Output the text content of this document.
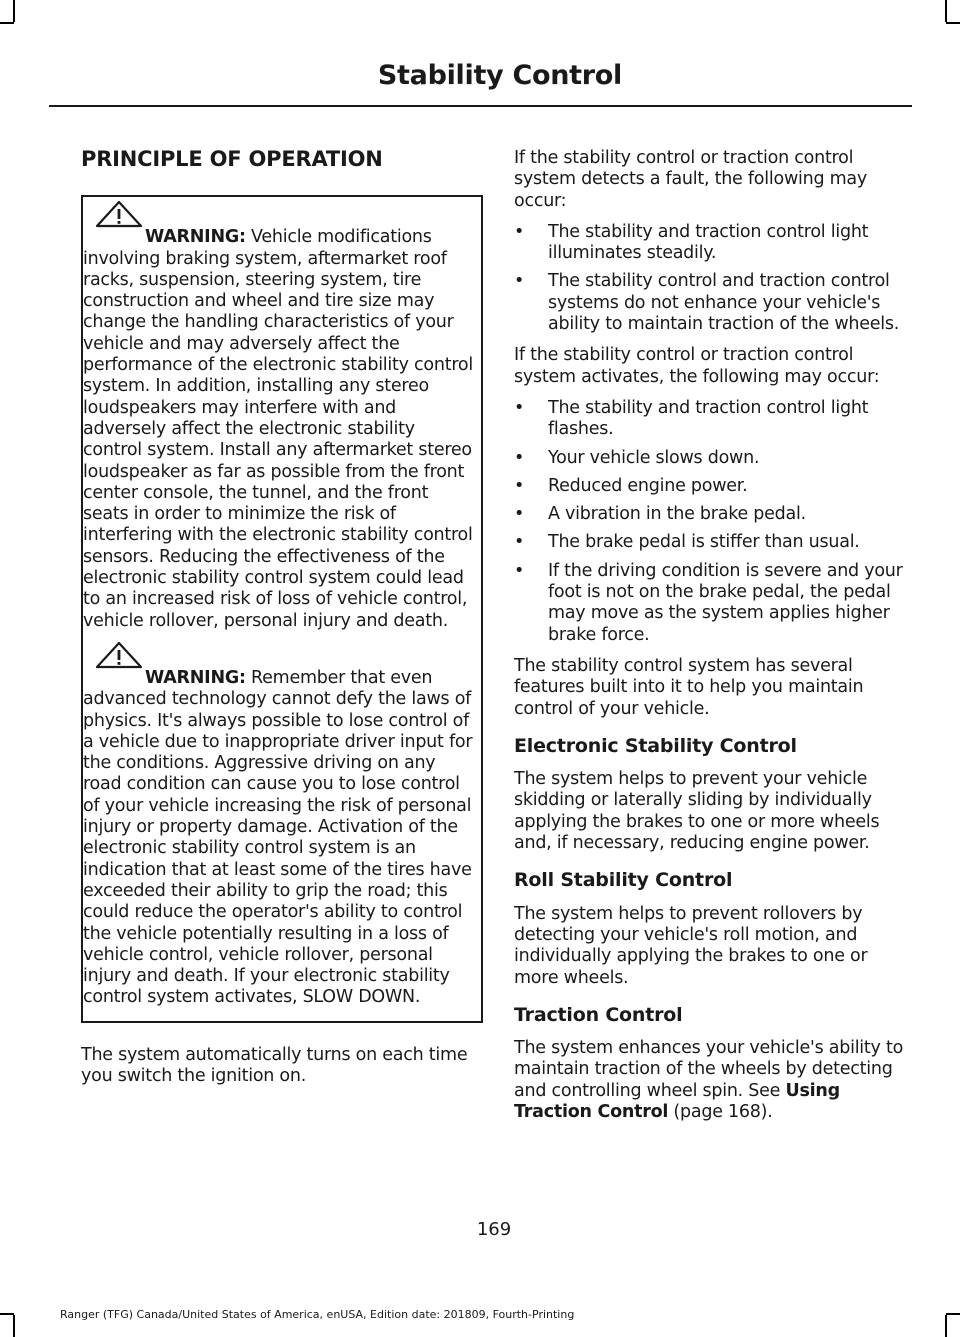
Stability Control
PRINCIPLE OF OPERATION

WARNING: Vehicle modifications involving braking system, aftermarket roof racks, suspension, steering system, tire construction and wheel and tire size may change the handling characteristics of your vehicle and may adversely affect the performance of the electronic stability control system. In addition, installing any stereo loudspeakers may interfere with and adversely affect the electronic stability control system. Install any aftermarket stereo loudspeaker as far as possible from the front center console, the tunnel, and the front seats in order to minimize the risk of interfering with the electronic stability control sensors. Reducing the effectiveness of the electronic stability control system could lead to an increased risk of loss of vehicle control, vehicle rollover, personal injury and death.

WARNING: Remember that even advanced technology cannot defy the laws of physics. It's always possible to lose control of a vehicle due to inappropriate driver input for the conditions. Aggressive driving on any road condition can cause you to lose control of your vehicle increasing the risk of personal injury or property damage. Activation of the electronic stability control system is an indication that at least some of the tires have exceeded their ability to grip the road; this could reduce the operator's ability to control the vehicle potentially resulting in a loss of vehicle control, vehicle rollover, personal injury and death. If your electronic stability control system activates, SLOW DOWN.

The system automatically turns on each time you switch the ignition on.

If the stability control or traction control system detects a fault, the following may occur:

• The stability and traction control light illuminates steadily.
• The stability control and traction control systems do not enhance your vehicle's ability to maintain traction of the wheels.

If the stability control or traction control system activates, the following may occur:

• The stability and traction control light flashes.
• Your vehicle slows down.
• Reduced engine power.
• A vibration in the brake pedal.
• The brake pedal is stiffer than usual.
• If the driving condition is severe and your foot is not on the brake pedal, the pedal may move as the system applies higher brake force.

The stability control system has several features built into it to help you maintain control of your vehicle.

Electronic Stability Control

The system helps to prevent your vehicle skidding or laterally sliding by individually applying the brakes to one or more wheels and, if necessary, reducing engine power.

Roll Stability Control

The system helps to prevent rollovers by detecting your vehicle's roll motion, and individually applying the brakes to one or more wheels.

Traction Control

The system enhances your vehicle's ability to maintain traction of the wheels by detecting and controlling wheel spin. See Using Traction Control (page 168).

169
Ranger (TFG) Canada/United States of America, enUSA, Edition date: 201809, Fourth-Printing
